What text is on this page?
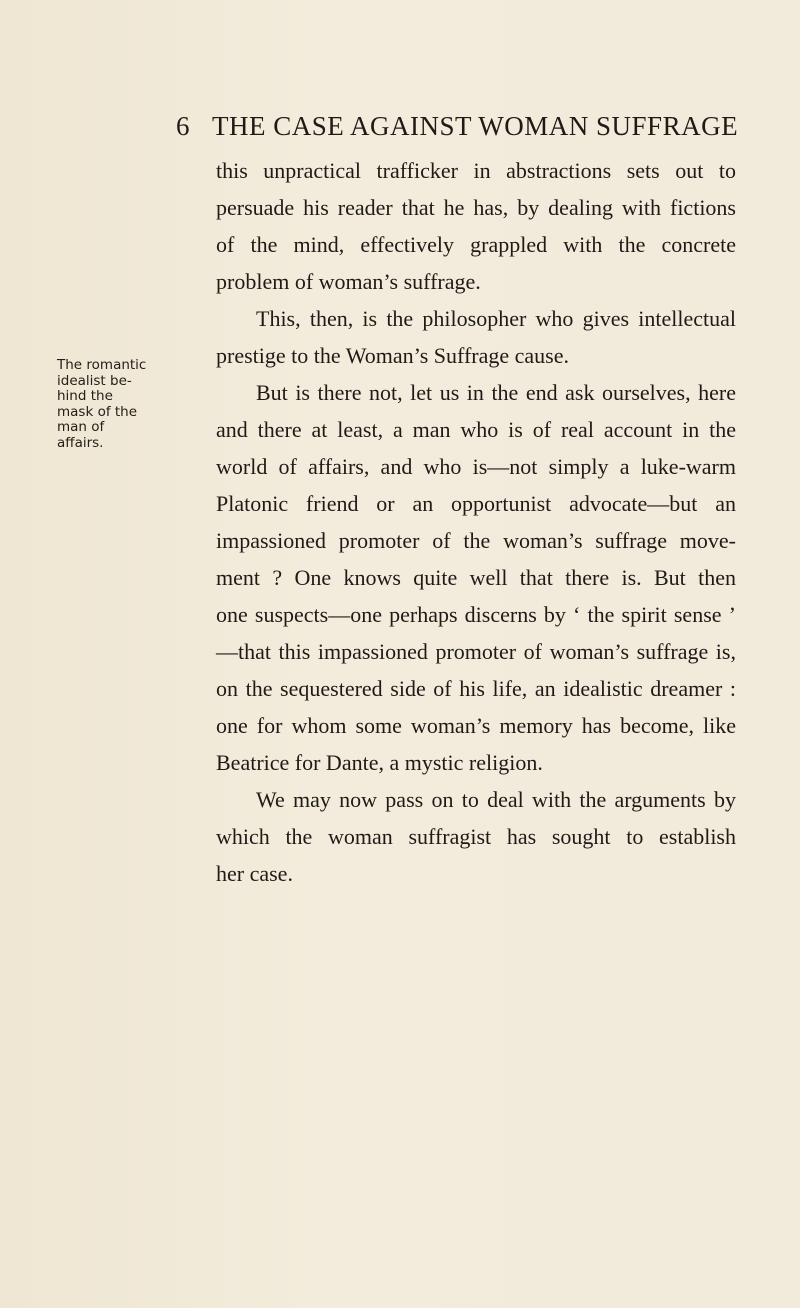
6 THE CASE AGAINST WOMAN SUFFRAGE
The romantic
idealist be-
hind the
mask of the
man of
affairs.
this unpractical trafficker in abstractions sets out to
persuade his reader that he has, by dealing with fictions
of the mind, effectively grappled with the concrete
problem of woman’s suffrage.
This, then, is the philosopher who gives intellectual
prestige to the Woman’s Suffrage cause.
But is there not, let us in the end ask ourselves, here
and there at least, a man who is of real account in the
world of affairs, and who is—not simply a luke-warm
Platonic friend or an opportunist advocate—but an
impassioned promoter of the woman’s suffrage move-
ment ? One knows quite well that there is. But then
one suspects—one perhaps discerns by ‘ the spirit sense ’
—that this impassioned promoter of woman’s suffrage is,
on the sequestered side of his life, an idealistic dreamer :
one for whom some woman’s memory has become, like
Beatrice for Dante, a mystic religion.
We may now pass on to deal with the arguments by
which the woman suffragist has sought to establish
her case.
